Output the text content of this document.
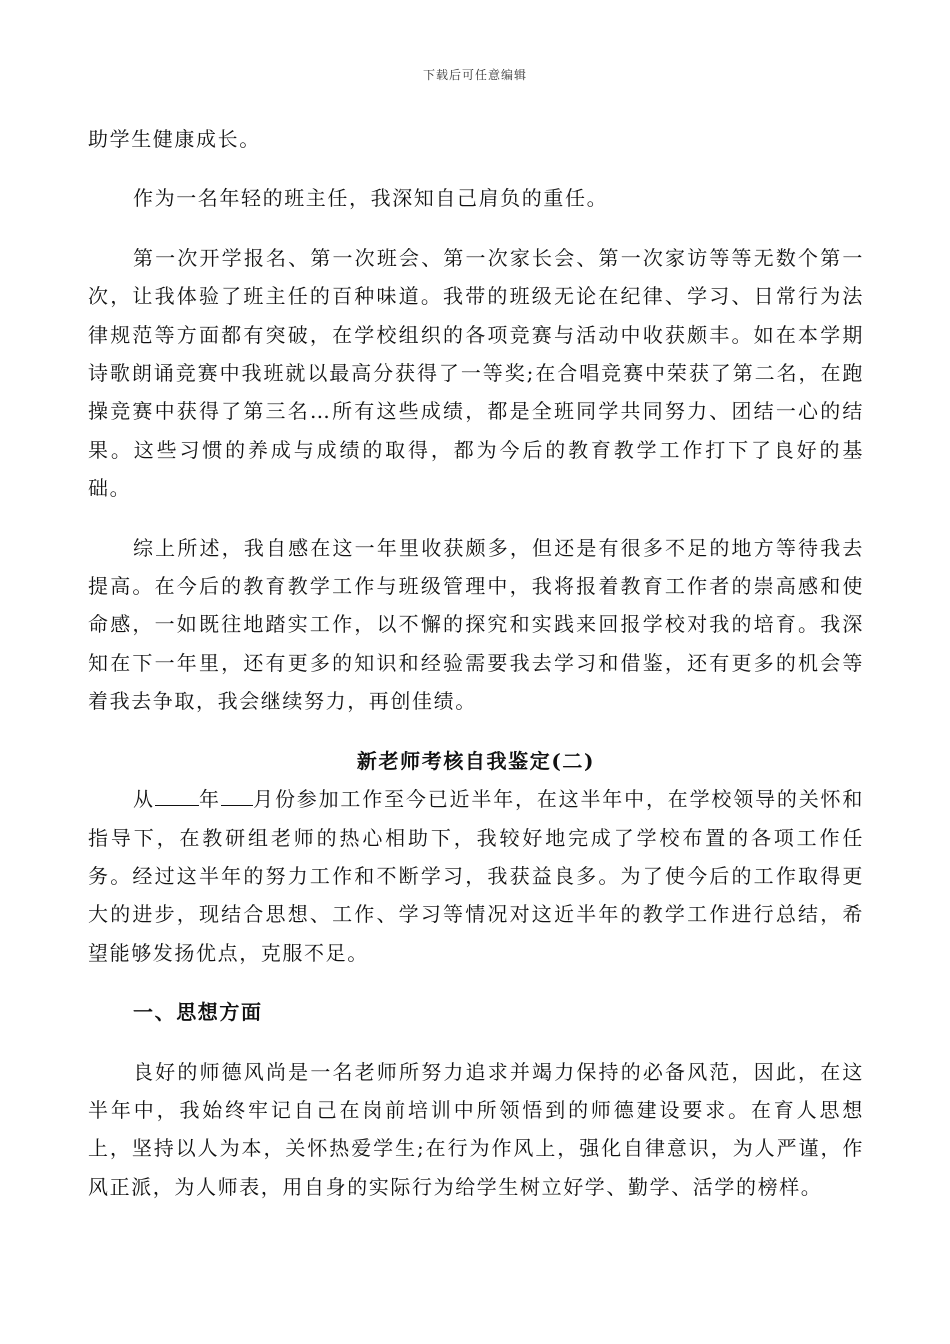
下载后可任意编辑

助学生健康成长。

作为一名年轻的班主任，我深知自己肩负的重任。

第一次开学报名、第一次班会、第一次家长会、第一次家访等等无数个第一次，让我体验了班主任的百种味道。我带的班级无论在纪律、学习、日常行为法律规范等方面都有突破，在学校组织的各项竞赛与活动中收获颇丰。如在本学期诗歌朗诵竞赛中我班就以最高分获得了一等奖;在合唱竞赛中荣获了第二名，在跑操竞赛中获得了第三名…所有这些成绩，都是全班同学共同努力、团结一心的结果。这些习惯的养成与成绩的取得，都为今后的教育教学工作打下了良好的基础。

综上所述，我自感在这一年里收获颇多，但还是有很多不足的地方等待我去提高。在今后的教育教学工作与班级管理中，我将报着教育工作者的崇高感和使命感，一如既往地踏实工作，以不懈的探究和实践来回报学校对我的培育。我深知在下一年里，还有更多的知识和经验需要我去学习和借鉴，还有更多的机会等着我去争取，我会继续努力，再创佳绩。

新老师考核自我鉴定(二)

从 年 月份参加工作至今已近半年，在这半年中，在学校领导的关怀和指导下，在教研组老师的热心相助下，我较好地完成了学校布置的各项工作任务。经过这半年的努力工作和不断学习，我获益良多。为了使今后的工作取得更大的进步，现结合思想、工作、学习等情况对这近半年的教学工作进行总结，希望能够发扬优点，克服不足。

一、思想方面

良好的师德风尚是一名老师所努力追求并竭力保持的必备风范，因此，在这半年中，我始终牢记自己在岗前培训中所领悟到的师德建设要求。在育人思想上，坚持以人为本，关怀热爱学生;在行为作风上，强化自律意识，为人严谨，作风正派，为人师表，用自身的实际行为给学生树立好学、勤学、活学的榜样。
